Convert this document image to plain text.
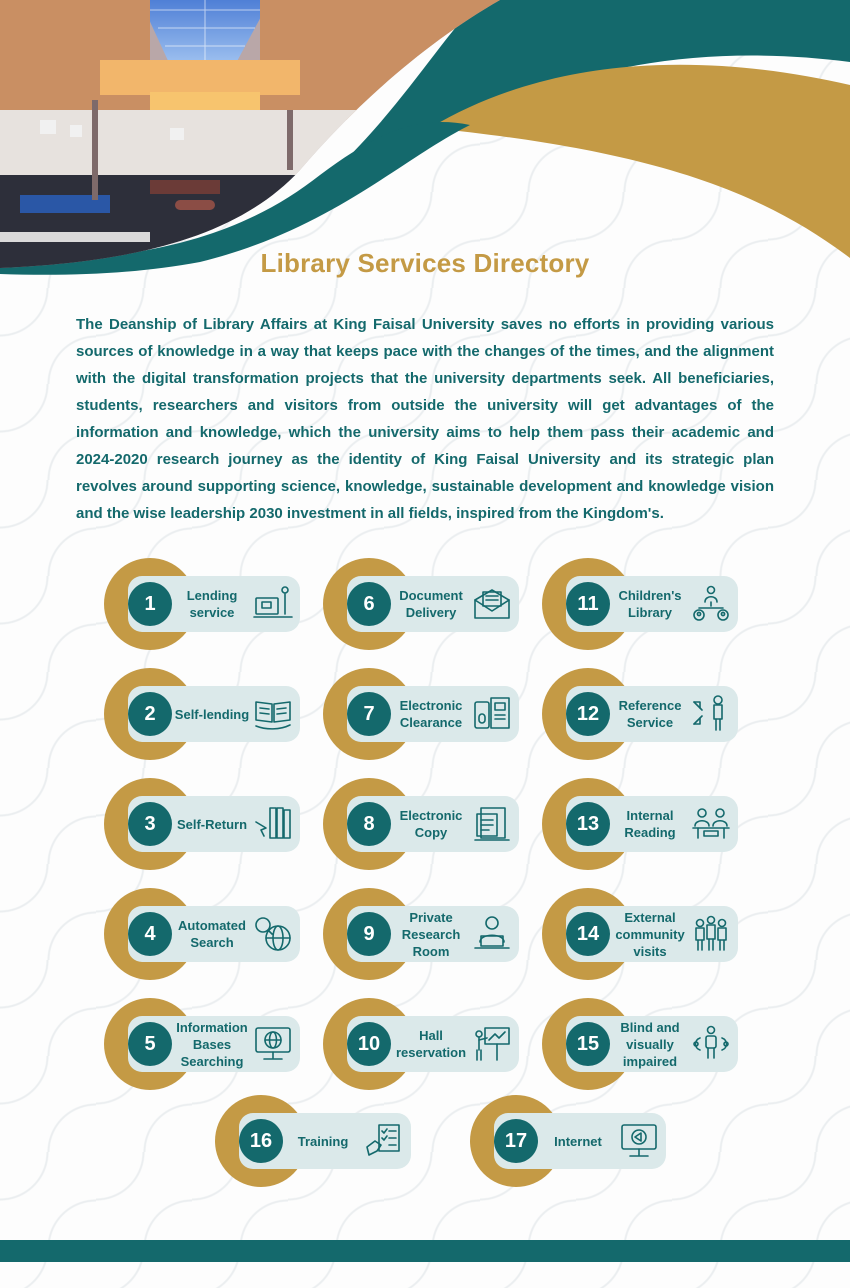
Library Services Directory
The Deanship of Library Affairs at King Faisal University saves no efforts in providing various sources of knowledge in a way that keeps pace with the changes of the times, and the alignment with the digital transformation projects that the university departments seek. All beneficiaries, students, researchers and visitors from outside the university will get advantages of the information and knowledge, which the university aims to help them pass their academic and 2024-2020 research journey as the identity of King Faisal University and its strategic plan revolves around supporting science, knowledge, sustainable development and knowledge vision and the wise leadership 2030 investment in all fields, inspired from the Kingdom's.
1	Lending service
2	Self-lending
3	Self-Return
4	Automated Search
5
Information Bases Searching
6	Document Delivery
7	Electronic Clearance
8	Electronic Copy
9
Private Research Room
10	Hall reservation
11	Children's Library
12	Reference Service
13	Internal Reading
14
External community visits
15
Blind and visually impaired
16	Training	17	Internet
